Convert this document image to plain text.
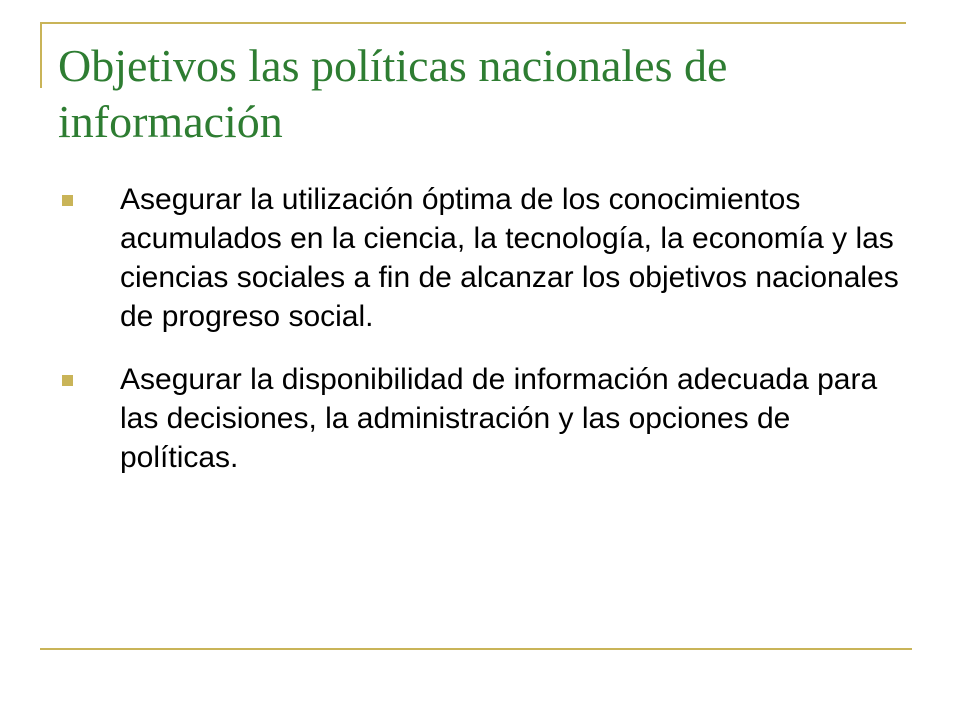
Objetivos las políticas nacionales de información
Asegurar la utilización óptima de los conocimientos acumulados en la ciencia, la tecnología, la economía y las ciencias sociales a fin de alcanzar los objetivos nacionales de progreso social.
Asegurar la disponibilidad de información adecuada para las decisiones, la administración y las opciones de políticas.
